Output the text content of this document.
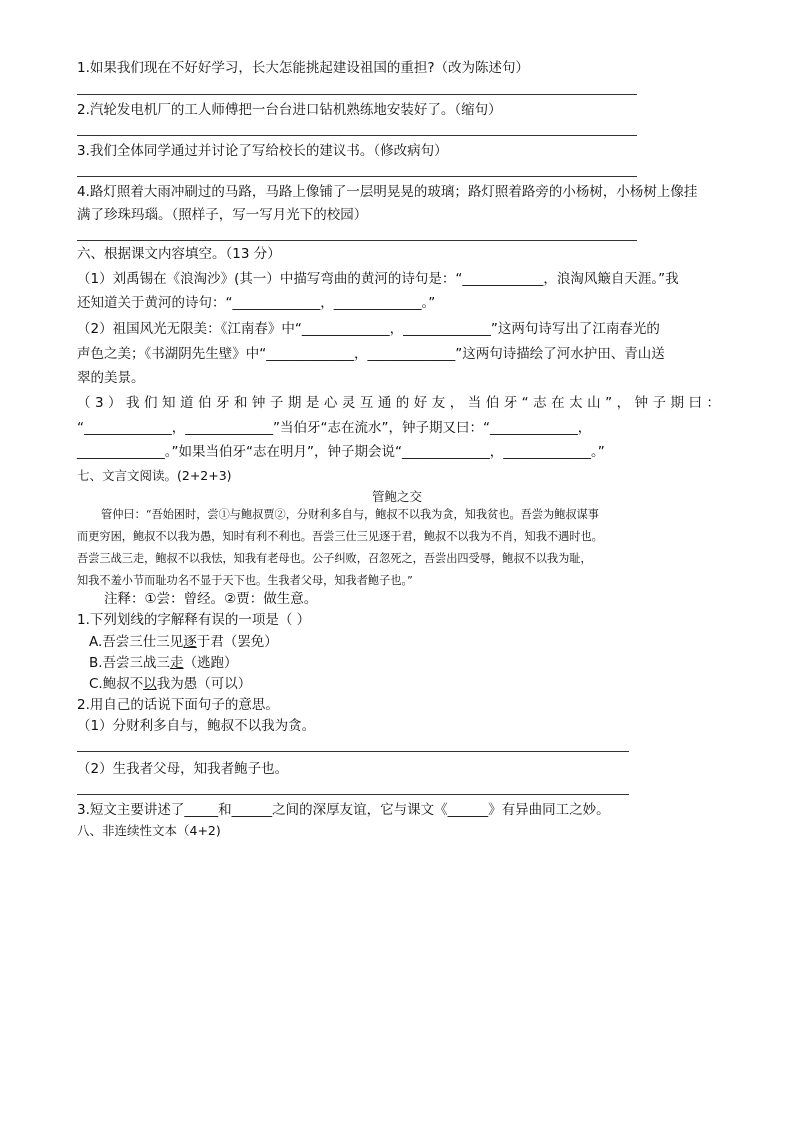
1.如果我们现在不好好学习，长大怎能挑起建设祖国的重担?（改为陈述句）
2.汽轮发电机厂的工人师傅把一台台进口钻机熟练地安装好了。（缩句）
3.我们全体同学通过并讨论了写给校长的建议书。（修改病句）
4.路灯照着大雨冲刷过的马路，马路上像铺了一层明晃晃的玻璃；路灯照着路旁的小杨树，小杨树上像挂
满了珍珠玛瑙。（照样子，写一写月光下的校园）
六、根据课文内容填空。（13 分）
（1）刘禹锡在《浪淘沙》(其一）中描写弯曲的黄河的诗句是：“____________，浪淘风簸自天涯。”我
还知道关于黄河的诗句：“_____________，_____________。”
（2）祖国风光无限美：《江南春》中“_____________，_____________”这两句诗写出了江南春光的
声色之美；《书湖阴先生壁》中“_____________，_____________”这两句诗描绘了河水护田、青山送
翠的美景。
（3）我们知道伯牙和钟子期是心灵互通的好友，当伯牙“志在太山”，钟子期曰：
“_____________，_____________”当伯牙“志在流水”，钟子期又曰：“_____________，
_____________。”如果当伯牙“志在明月”，钟子期会说“_____________，_____________。”
七、文言文阅读。(2+2+3)
管鲍之交

管仲曰：“吾始困时，尝①与鲍叔贾②，分财利多自与，鲍叔不以我为贪，知我贫也。吾尝为鲍叔谋事

而更穷困，鲍叔不以我为愚，知时有利不利也。吾尝三仕三见逐于君，鲍叔不以我为不肖，知我不遇时也。

吾尝三战三走，鲍叔不以我怯，知我有老母也。公子纠败，召忽死之，吾尝出四受辱，鲍叔不以我为耻，

知我不羞小节而耻功名不显于天下也。生我者父母，知我者鲍子也。”

注释：①尝：曾经。②贾：做生意。
1.下列划线的字解释有误的一项是（ ）
A.吾尝三仕三见逐于君（罢免）
B.吾尝三战三走（逃跑）
C.鲍叔不以我为愚（可以）
2.用自己的话说下面句子的意思。
（1）分财利多自与，鲍叔不以我为贪。
（2）生我者父母，知我者鲍子也。
3.短文主要讲述了_____和______之间的深厚友谊，它与课文《______》有异曲同工之妙。
八、非连续性文本（4+2)
